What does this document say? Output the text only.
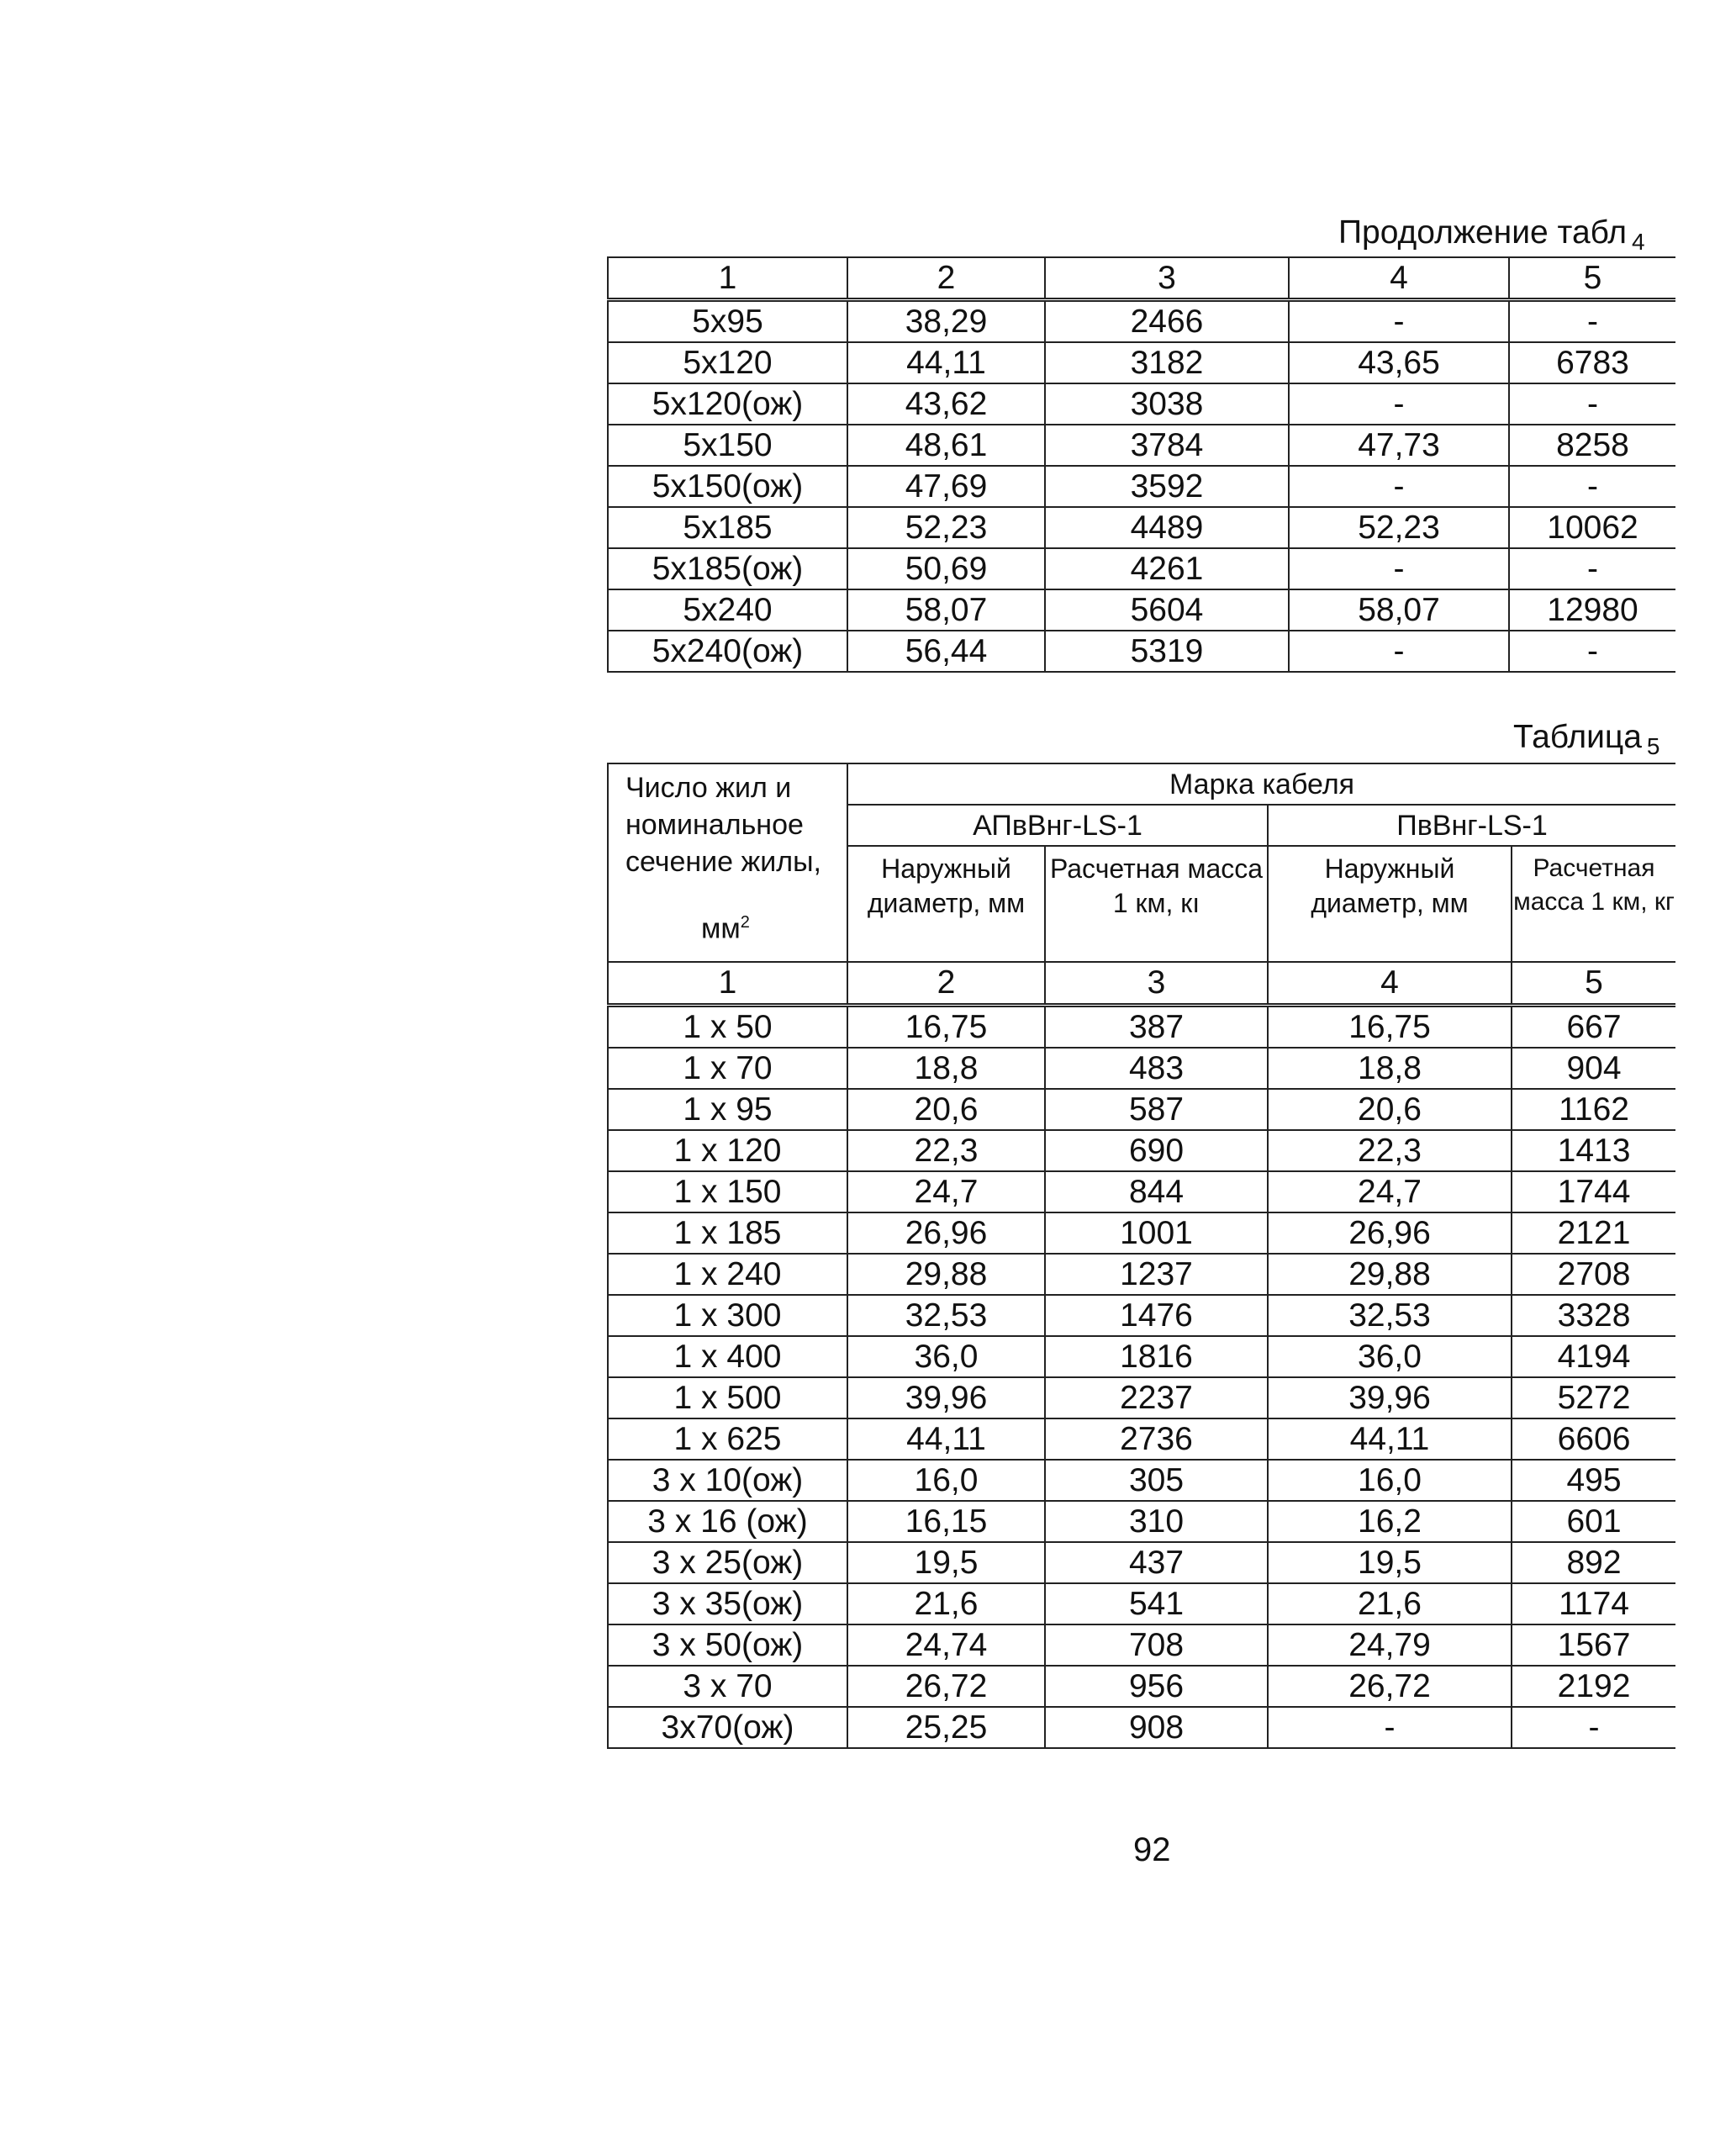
Продолжение табл $_4$
1	2	3	4	5
5x95	38,29	2466	-	-
5x120	44,11	3182	43,65	6783
5x120(ож)	43,62	3038	-	-
5x150	48,61	3784	47,73	8258
5x150(ож)	47,69	3592	-	-
5x185	52,23	4489	52,23	10062
5x185(ож)	50,69	4261	-	-
5x240	58,07	5604	58,07	12980
5x240(ож)	56,44	5319	-	-
Таблица $_5$
Число жил и номинальное сечение жилы,
$мм^2$	Марка кабеля			
	АПвВнг-LS-1		ПвВнг-LS-1	
	Наружный диаметр, мм	Расчетная масса 1 км, кı	Наружный диаметр, мм	Расчетная масса 1 км, кг
1	2	3	4	5
1 x 50	16,75	387	16,75	667
1 x 70	18,8	483	18,8	904
1 x 95	20,6	587	20,6	1162
1 x 120	22,3	690	22,3	1413
1 x 150	24,7	844	24,7	1744
1 x 185	26,96	1001	26,96	2121
1 x 240	29,88	1237	29,88	2708
1 x 300	32,53	1476	32,53	3328
1 x 400	36,0	1816	36,0	4194
1 x 500	39,96	2237	39,96	5272
1 x 625	44,11	2736	44,11	6606
3 x 10(ож)	16,0	305	16,0	495
3 x 16 (ож)	16,15	310	16,2	601
3 x 25(ож)	19,5	437	19,5	892
3 x 35(ож)	21,6	541	21,6	1174
3 x 50(ож)	24,74	708	24,79	1567
3 x 70	26,72	956	26,72	2192
3x70(ож)	25,25	908	-	-
92
